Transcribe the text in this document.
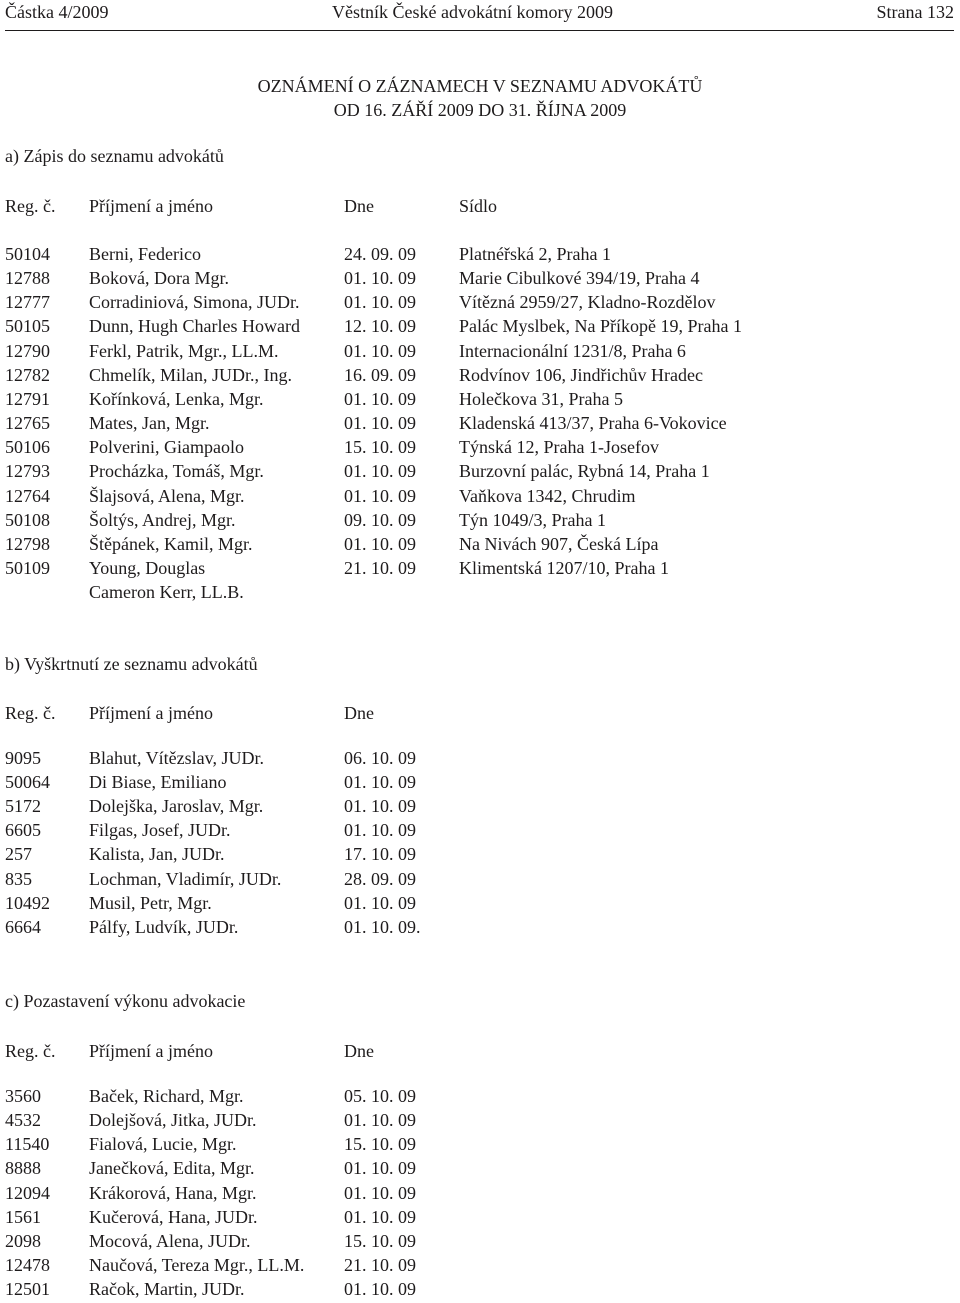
Částka 4/2009	Věstník České advokátní komory 2009	Strana 132
OZNÁMENÍ O ZÁZNAMECH V SEZNAMU ADVOKÁTŮ
OD 16. ZÁŘÍ 2009 DO 31. ŘÍJNA 2009
a) Zápis do seznamu advokátů
Reg. č. Příjmení a jméno	Dne	Sídlo
50104 Berni, Federico	24. 09. 09 Platnéřská 2, Praha 1
12788 Boková, Dora Mgr.	01. 10. 09 Marie Cibulkové 394/19, Praha 4
12777 Corradiniová, Simona, JUDr. 01. 10. 09 Vítězná 2959/27, Kladno-Rozdělov
50105 Dunn, Hugh Charles Howard 12. 10. 09 Palác Myslbek, Na Příkopě 19, Praha 1
12790 Ferkl, Patrik, Mgr., LL.M.	01. 10. 09 Internacionální 1231/8, Praha 6
12782 Chmelík, Milan, JUDr., Ing.	16. 09. 09 Rodvínov 106, Jindřichův Hradec
12791 Kořínková, Lenka, Mgr.	01. 10. 09 Holečkova 31, Praha 5
12765 Mates, Jan, Mgr.	01. 10. 09 Kladenská 413/37, Praha 6-Vokovice
50106 Polverini, Giampaolo	15. 10. 09 Týnská 12, Praha 1-Josefov
12793 Procházka, Tomáš, Mgr.	01. 10. 09 Burzovní palác, Rybná 14, Praha 1
12764 Šlajsová, Alena, Mgr.	01. 10. 09 Vaňkova 1342, Chrudim
50108 Šoltýs, Andrej, Mgr.	09. 10. 09 Týn 1049/3, Praha 1
12798 Štěpánek, Kamil, Mgr.	01. 10. 09 Na Nivách 907, Česká Lípa
50109 Young, Douglas	21. 10. 09 Klimentská 1207/10, Praha 1
Cameron Kerr, LL.B.
b) Vyškrtnutí ze seznamu advokátů
Reg. č. Příjmení a jméno	Dne
9095	Blahut, Vítězslav, JUDr.	06. 10. 09
50064 Di Biase, Emiliano	01. 10. 09
5172	Dolejška, Jaroslav, Mgr.	01. 10. 09
6605	Filgas, Josef, JUDr.	01. 10. 09
257	Kalista, Jan, JUDr.	17. 10. 09
835	Lochman, Vladimír, JUDr.	28. 09. 09
10492 Musil, Petr, Mgr.	01. 10. 09
6664	Pálfy, Ludvík, JUDr.	01. 10. 09.
c) Pozastavení výkonu advokacie
Reg. č. Příjmení a jméno	Dne
3560	Baček, Richard, Mgr.	05. 10. 09
4532	Dolejšová, Jitka, JUDr.	01. 10. 09
11540 Fialová, Lucie, Mgr.	15. 10. 09
8888	Janečková, Edita, Mgr.	01. 10. 09
12094 Krákorová, Hana, Mgr.	01. 10. 09
1561	Kučerová, Hana, JUDr.	01. 10. 09
2098	Mocová, Alena, JUDr.	15. 10. 09
12478 Naučová, Tereza Mgr., LL.M. 21. 10. 09
12501 Račok, Martin, JUDr.	01. 10. 09
